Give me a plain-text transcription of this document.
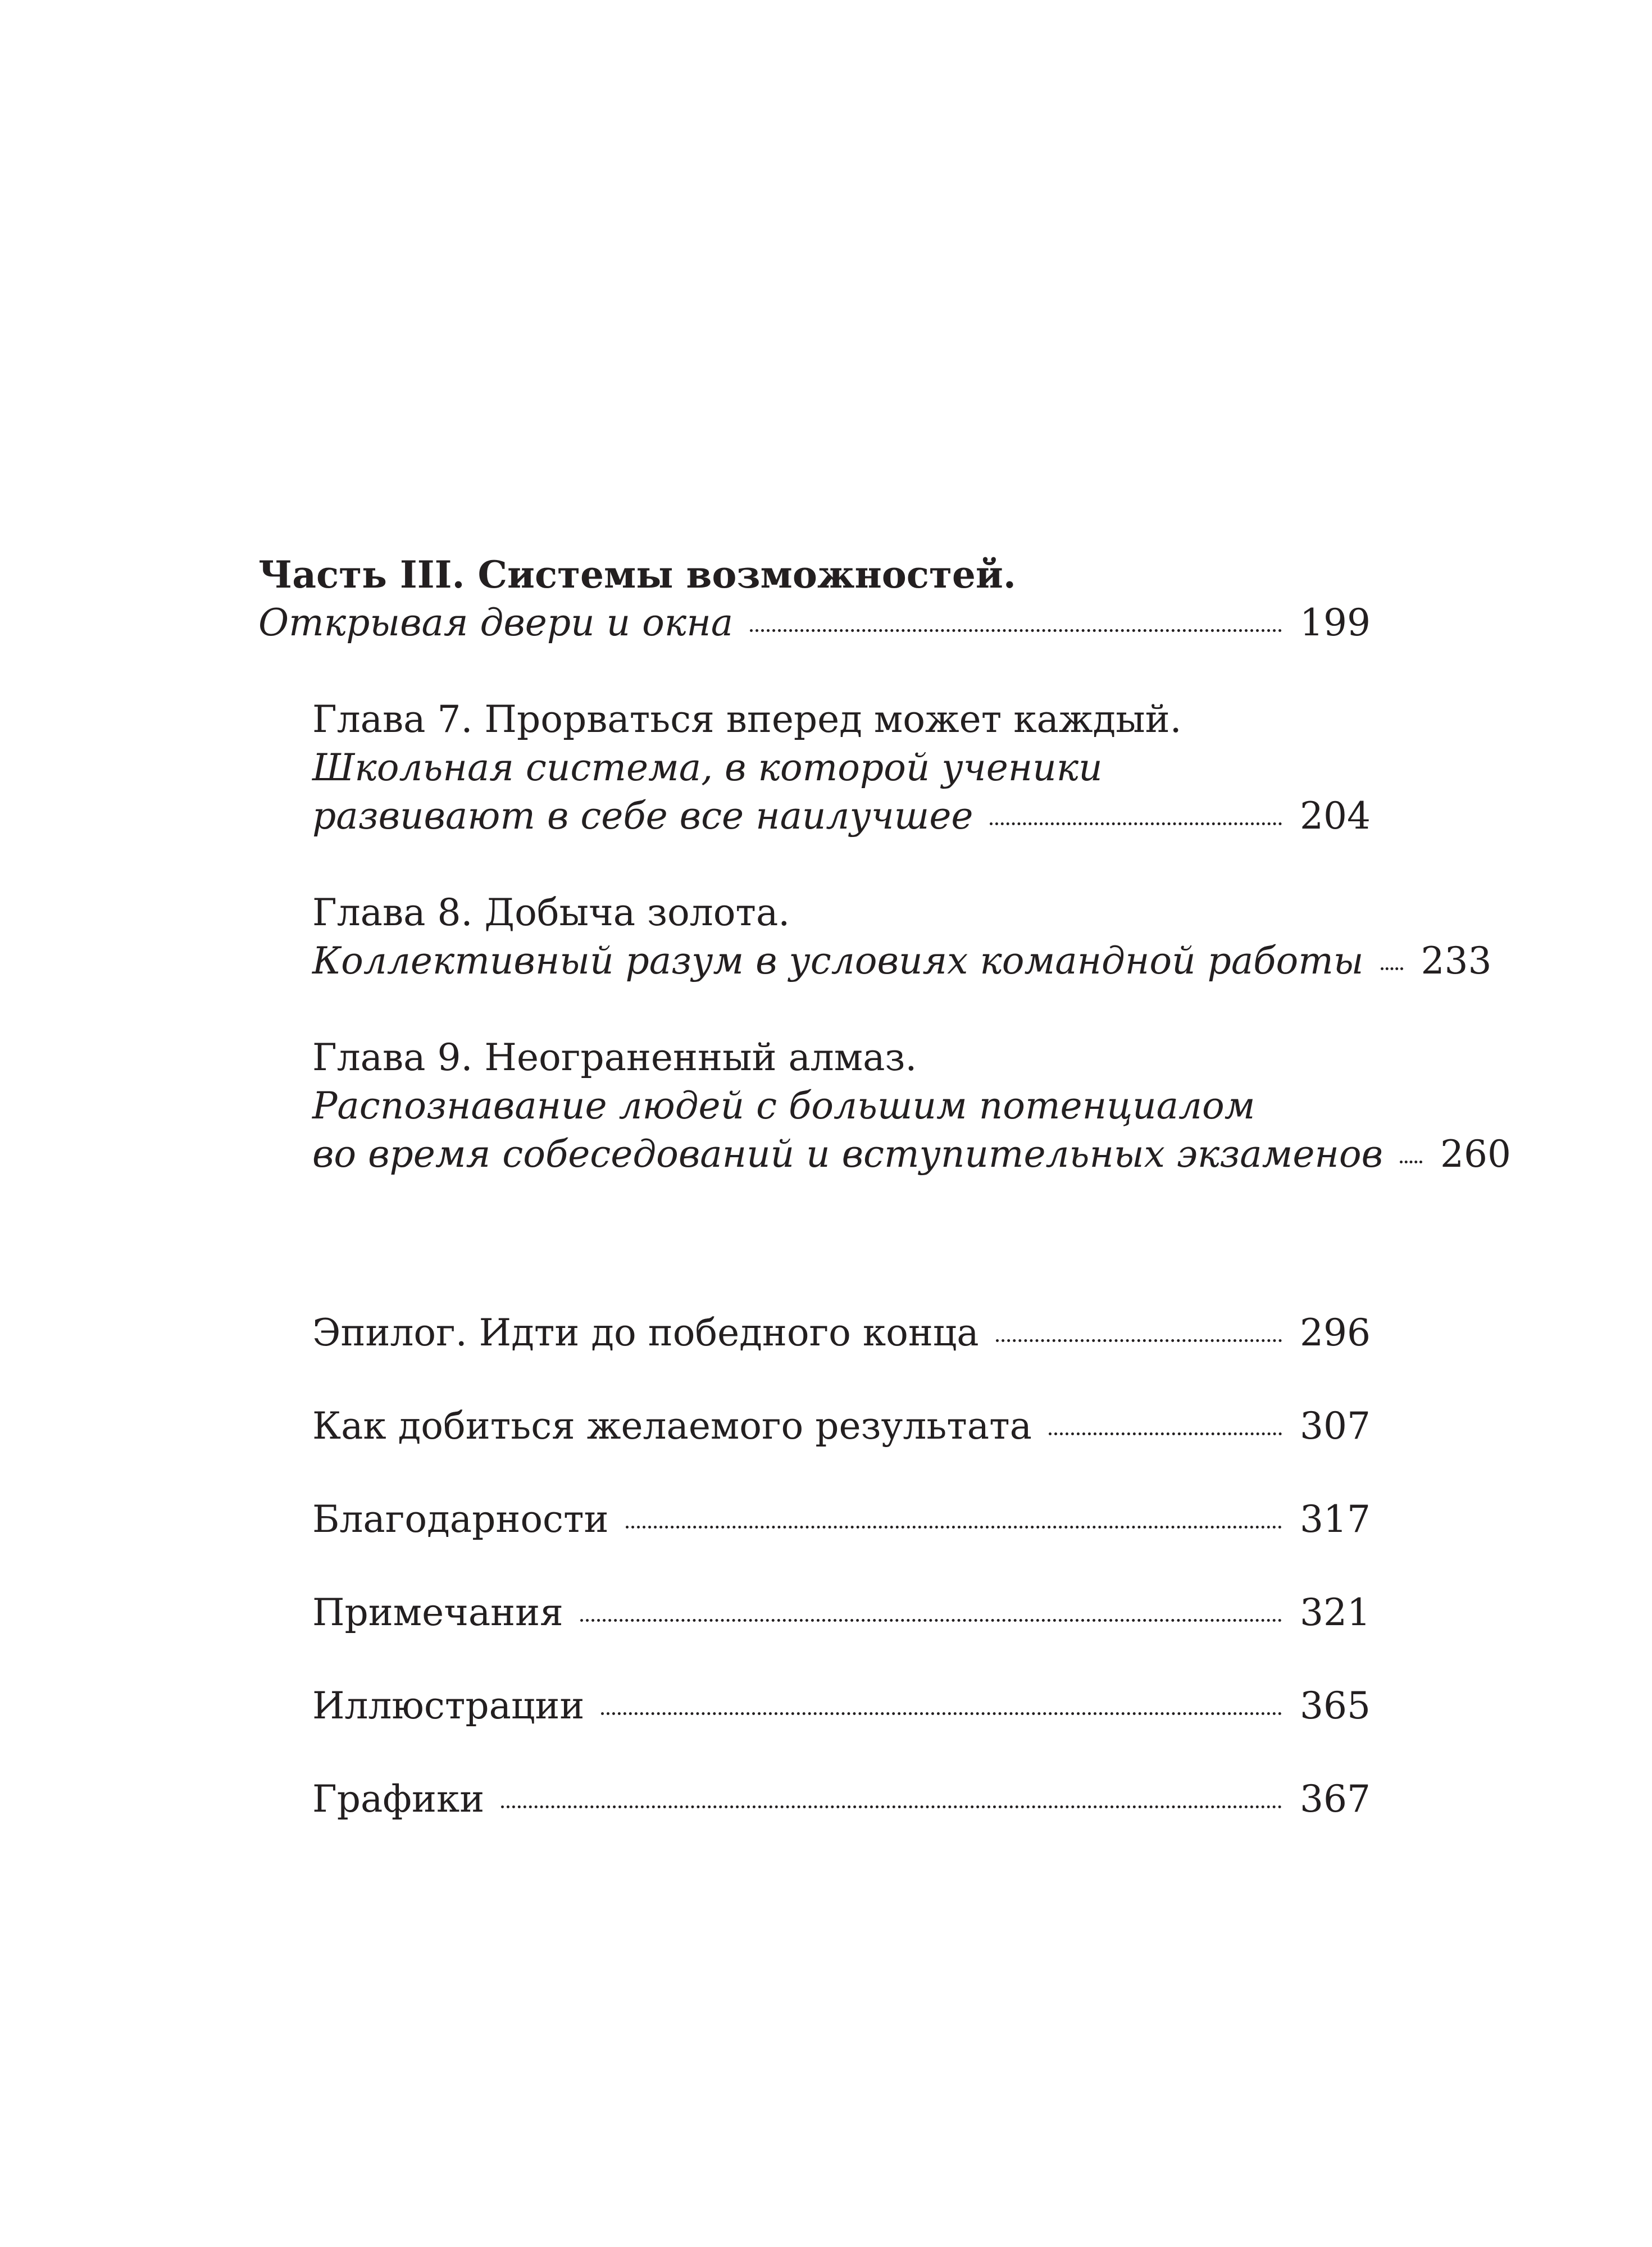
Часть III. Системы возможностей.
Открывая двери и окна	199
Глава 7. Прорваться вперед может каждый.
Школьная система, в которой ученики
развивают в себе все наилучшее	204
Глава 8. Добыча золота.
Коллективный разум в условиях командной работы 233
Глава 9. Неограненный алмаз.
Распознавание людей с большим потенциалом
во время собеседований и вступительных экзаменов 260
Эпилог. Идти до победного конца	296
Как добиться желаемого результата	307
Благодарности	317
Примечания	321
Иллюстрации	365
Графики	367
